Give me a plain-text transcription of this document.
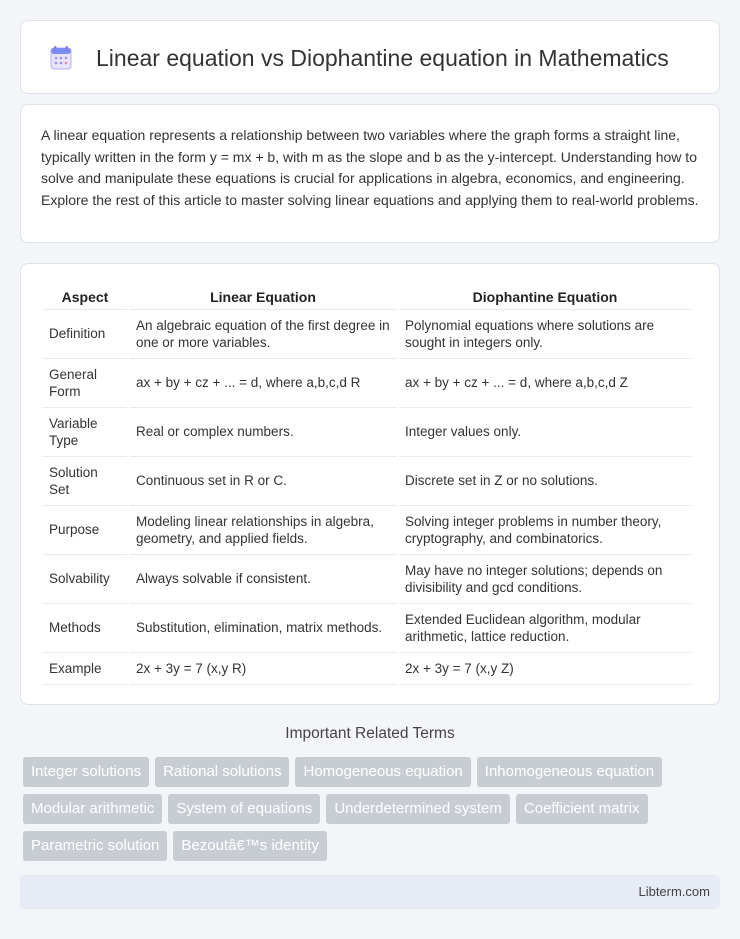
Linear equation vs Diophantine equation in Mathematics

A linear equation represents a relationship between two variables where the graph forms a straight line, typically written in the form y = mx + b, with m as the slope and b as the y-intercept. Understanding how to solve and manipulate these equations is crucial for applications in algebra, economics, and engineering. Explore the rest of this article to master solving linear equations and applying them to real-world problems.

Aspect	Linear Equation	Diophantine Equation
Definition	An algebraic equation of the first degree in one or more variables.	Polynomial equations where solutions are sought in integers only.
General Form	ax + by + cz + ... = d, where a,b,c,d R	ax + by + cz + ... = d, where a,b,c,d Z
Variable Type	Real or complex numbers.	Integer values only.
Solution Set	Continuous set in R or C.	Discrete set in Z or no solutions.
Purpose	Modeling linear relationships in algebra, geometry, and applied fields.	Solving integer problems in number theory, cryptography, and combinatorics.
Solvability	Always solvable if consistent.	May have no integer solutions; depends on divisibility and gcd conditions.
Methods	Substitution, elimination, matrix methods.	Extended Euclidean algorithm, modular arithmetic, lattice reduction.
Example	2x + 3y = 7 (x,y R)	2x + 3y = 7 (x,y Z)
Important Related Terms
Integer solutions	Rational solutions	Homogeneous equation	Inhomogeneous equation
Modular arithmetic	System of equations	Underdetermined system	Coefficient matrix
Parametric solution	Bezoutâ€™s identity
Libterm.com
